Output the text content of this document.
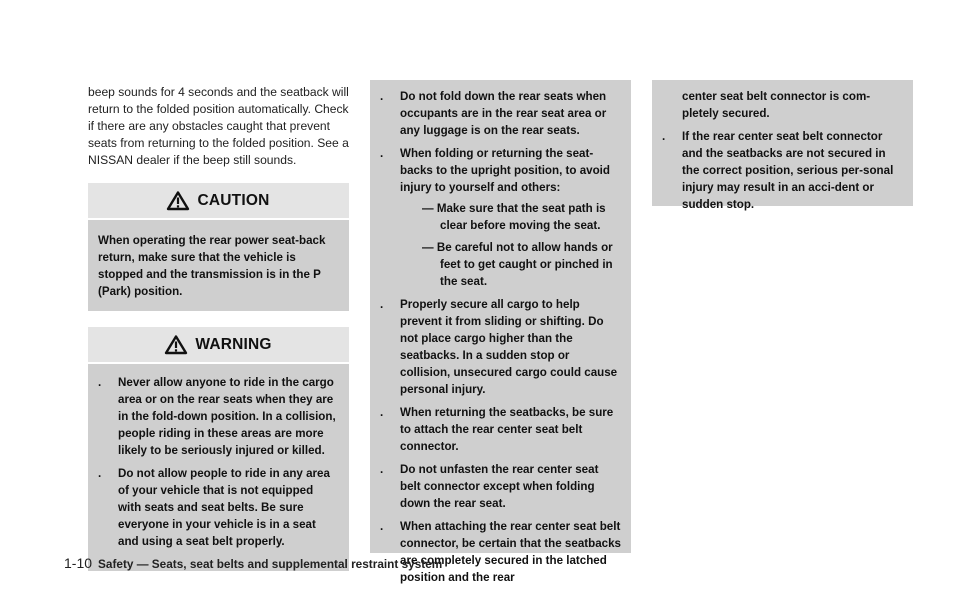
beep sounds for 4 seconds and the seatback will return to the folded position automatically. Check if there are any obstacles caught that prevent seats from returning to the folded position. See a NISSAN dealer if the beep still sounds.

CAUTION

When operating the rear power seat-back return, make sure that the vehicle is stopped and the transmission is in the P (Park) position.

WARNING
. Never allow anyone to ride in the cargo area or on the rear seats when they are in the fold-down position. In a collision, people riding in these areas are more likely to be seriously injured or killed.
. Do not allow people to ride in any area of your vehicle that is not equipped with seats and seat belts. Be sure everyone in your vehicle is in a seat and using a seat belt properly.
. Do not fold down the rear seats when occupants are in the rear seat area or any luggage is on the rear seats.
. When folding or returning the seat-backs to the upright position, to avoid injury to yourself and others:
— Make sure that the seat path is clear before moving the seat.
— Be careful not to allow hands or feet to get caught or pinched in the seat.
. Properly secure all cargo to help prevent it from sliding or shifting. Do not place cargo higher than the seatbacks. In a sudden stop or collision, unsecured cargo could cause personal injury.
. When returning the seatbacks, be sure to attach the rear center seat belt connector.
. Do not unfasten the rear center seat belt connector except when folding down the rear seat.
. When attaching the rear center seat belt connector, be certain that the seatbacks are completely secured in the latched position and the rear
center seat belt connector is com-pletely secured.
. If the rear center seat belt connector and the seatbacks are not secured in the correct position, serious per-sonal injury may result in an acci-dent or sudden stop.
1-10 Safety — Seats, seat belts and supplemental restraint system
